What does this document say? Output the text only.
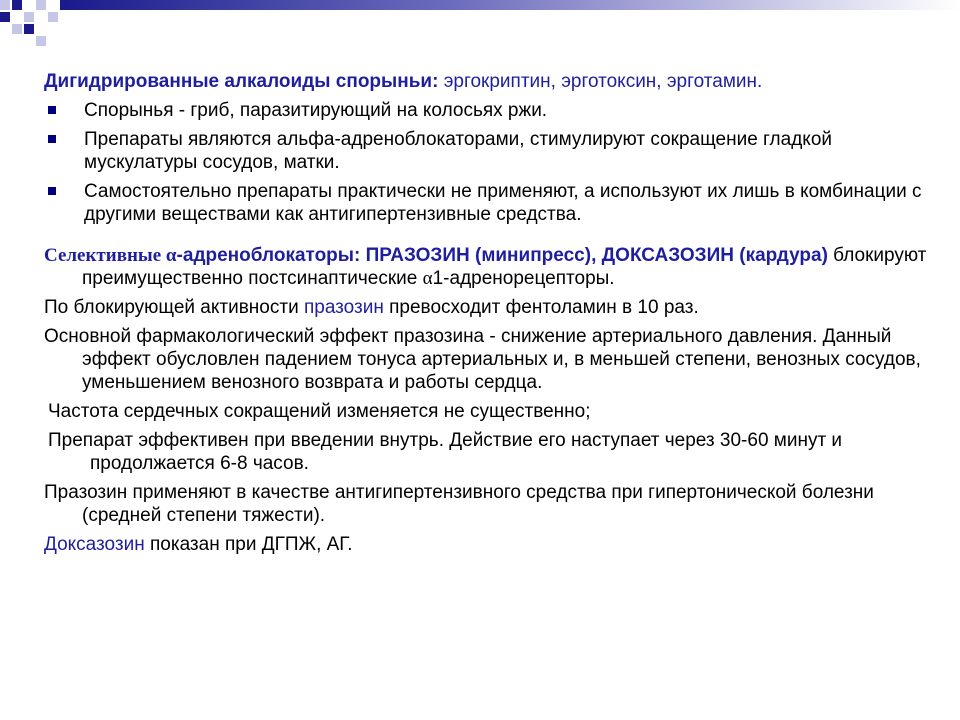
Дигидрированные алкалоиды спорыньи: эргокриптин, эрготоксин, эрготамин.

Спорынья - гриб, паразитирующий на колосьях ржи.
Препараты являются альфа-адреноблокаторами, стимулируют сокращение гладкой мускулатуры сосудов, матки.
Самостоятельно препараты практически не применяют, а используют их лишь в комбинации с другими веществами как антигипертензивные средства.

Селективные α-адреноблокаторы: ПРАЗОЗИН (минипресс), ДОКСАЗОЗИН (кардура) блокируют преимущественно постсинаптические α1-адренорецепторы.

По блокирующей активности празозин превосходит фентоламин в 10 раз.

Основной фармакологический эффект празозина - снижение артериального давления. Данный эффект обусловлен падением тонуса артериальных и, в меньшей степени, венозных сосудов, уменьшением венозного возврата и работы сердца.

Частота сердечных сокращений изменяется не существенно;

Препарат эффективен при введении внутрь. Действие его наступает через 30-60 минут и продолжается 6-8 часов.

Празозин применяют в качестве антигипертензивного средства при гипертонической болезни (средней степени тяжести).

Доксазозин показан при ДГПЖ, АГ.
